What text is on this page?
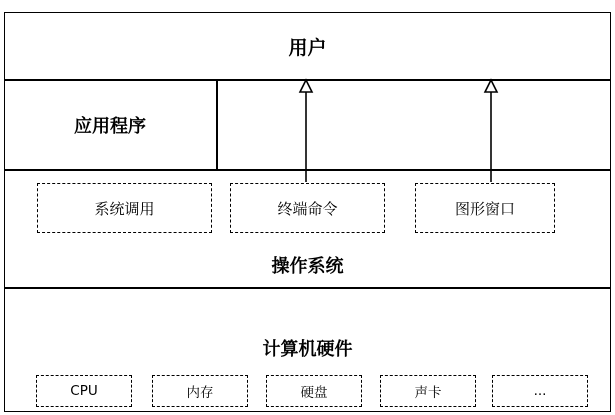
用户
应用程序
系统调用	终端命令	图形窗口
操作系统
计算机硬件
CPU	内存	硬盘	声卡	...
